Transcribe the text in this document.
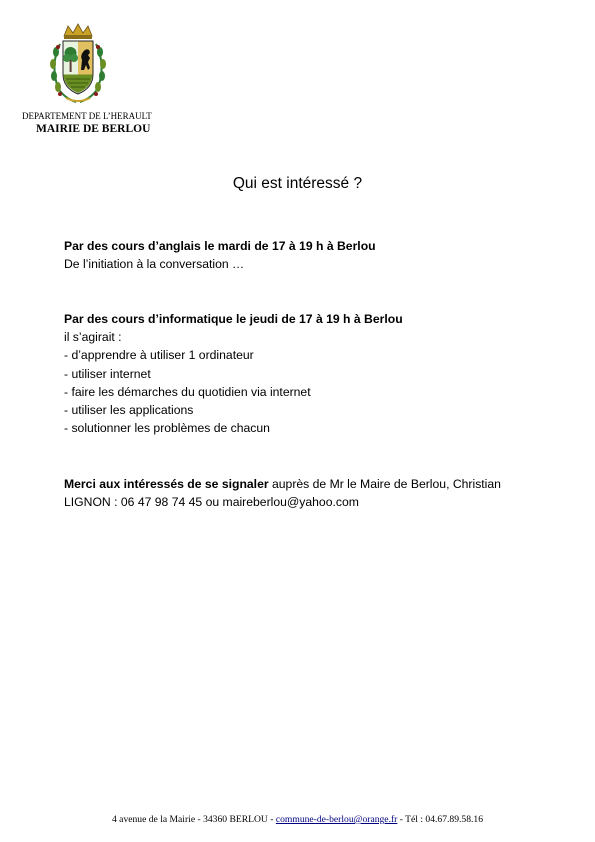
DEPARTEMENT DE L’HERAULT
MAIRIE DE BERLOU
Qui est intéressé ?
Par des cours d’anglais le mardi de 17 à 19 h à Berlou
De l’initiation à la conversation …
Par des cours d’informatique le jeudi de 17 à 19 h à Berlou
il s’agirait :
- d’apprendre à utiliser 1 ordinateur
- utiliser internet
- faire les démarches du quotidien via internet
- utiliser les applications
- solutionner les problèmes de chacun
Merci aux intéressés de se signaler auprès de Mr le Maire de Berlou, Christian
LIGNON : 06 47 98 74 45 ou maireberlou@yahoo.com
4 avenue de la Mairie - 34360 BERLOU - commune-de-berlou@orange.fr - Tél : 04.67.89.58.16
